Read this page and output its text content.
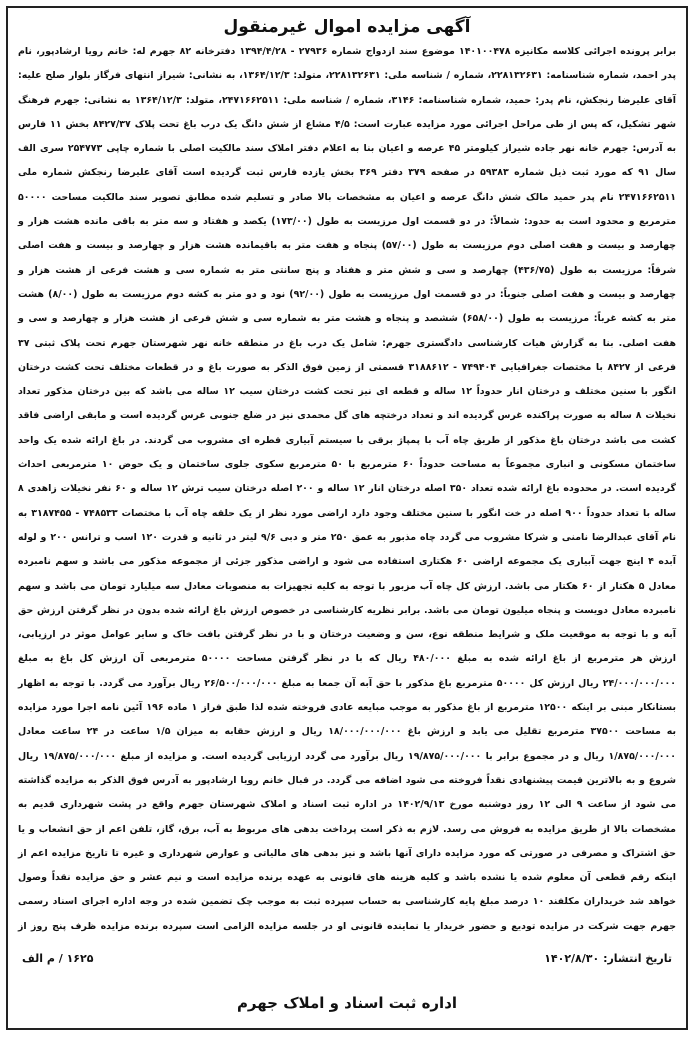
آگهی مزایده اموال غیرمنقول
برابر پرونده اجرائی کلاسه مکانیزه ۱۴۰۱۰۰۴۷۸ موضوع سند ازدواج شماره ۲۷۹۳۶ - ۱۳۹۴/۴/۲۸ دفترخانه ۸۲ جهرم له: خانم رویا ارشادپور، نام پدر احمد، شماره شناسنامه: ۲۲۸۱۳۲۶۳۱، شماره / شناسه ملی: ۲۲۸۱۳۲۶۳۱، متولد: ۱۳۶۴/۱۲/۳، به نشانی: شیراز انتهای فرگاز بلوار صلح علیه: آقای علیرضا رنجکش، نام پدر: حمید، شماره شناسنامه: ۳۱۴۶، شماره / شناسه ملی: ۲۴۷۱۶۶۲۵۱۱، متولد: ۱۳۶۴/۱۲/۳ به نشانی: جهرم فرهنگ شهر تشکیل، که پس از طی مراحل اجرائی مورد مزایده عبارت است: ۴/۵ مشاع از شش دانگ یک درب باغ تحت پلاک ۸۴۲۷/۳۷ بخش ۱۱ فارس به آدرس: جهرم خانه نهر جاده شیراز کیلومتر ۴۵ عرصه و اعیان بنا به اعلام دفتر املاک سند مالکیت اصلی با شماره چاپی ۲۵۴۷۷۳ سری الف سال ۹۱ که مورد ثبت ذیل شماره ۵۹۳۸۳ در صفحه ۳۷۹ دفتر ۳۶۹ بخش یازده فارس ثبت گردیده است آقای علیرضا رنجکش شماره ملی ۲۴۷۱۶۶۲۵۱۱ نام پدر حمید مالک شش دانگ عرصه و اعیان به مشخصات بالا صادر و تسلیم شده مطابق تصویر سند مالکیت مساحت ۵۰۰۰۰ مترمربع و محدود است به حدود: شمالاً: در دو قسمت اول مرزیست به طول (۱۷۳/۰۰) یکصد و هفتاد و سه متر به باقی مانده هشت هزار و چهارصد و بیست و هفت اصلی دوم مرزیست به طول (۵۷/۰۰) پنجاه و هفت متر به باقیمانده هشت هزار و چهارصد و بیست و هفت اصلی شرقاً: مرزیست به طول (۴۳۶/۷۵) چهارصد و سی و شش متر و هفتاد و پنج سانتی متر به شماره سی و هشت فرعی از هشت هزار و چهارصد و بیست و هفت اصلی جنوباً: در دو قسمت اول مرزیست به طول (۹۲/۰۰) نود و دو متر به کشه دوم مرزیست به طول (۸/۰۰) هشت متر به کشه غرباً: مرزیست به طول (۶۵۸/۰۰) ششصد و پنجاه و هشت متر به شماره سی و شش فرعی از هشت هزار و چهارصد و سی و هفت اصلی. بنا به گزارش هیات کارشناسی دادگستری جهرم: شامل یک درب باغ در منطقه خانه نهر شهرستان جهرم تحت پلاک ثبتی ۳۷ فرعی از ۸۴۲۷ با مختصات جغرافیایی ۷۴۹۴۰۴ - ۳۱۸۸۶۱۲ قسمتی از زمین فوق الذکر به صورت باغ و در قطعات مختلف تحت کشت درختان انگور با سنین مختلف و درختان انار حدوداً ۱۲ ساله و قطعه ای نیز تحت کشت درختان سیب ۱۲ ساله می باشد که بین درختان مذکور تعداد نخیلات ۸ ساله به صورت پراکنده غرس گردیده اند و تعداد درختچه های گل محمدی نیز در ضلع جنوبی غرس گردیده است و مابقی اراضی فاقد کشت می باشد درختان باغ مذکور از طریق چاه آب با پمپاژ برقی با سیستم آبیاری قطره ای مشروب می گردند. در باغ ارائه شده یک واحد ساختمان مسکونی و انباری مجموعاً به مساحت حدوداً ۶۰ مترمربع با ۵۰ مترمربع سکوی جلوی ساختمان و یک حوض ۱۰ مترمربعی احداث گردیده است. در محدوده باغ ارائه شده تعداد ۳۵۰ اصله درختان انار ۱۲ ساله و ۲۰۰ اصله درختان سیب ترش ۱۲ ساله و ۶۰ نفر نخیلات زاهدی ۸ ساله با تعداد حدوداً ۹۰۰ اصله در خت انگور با سنین مختلف وجود دارد اراضی مورد نظر از یک حلقه چاه آب با مختصات ۷۴۸۵۳۳ - ۳۱۸۷۴۵۵ به نام آقای عبدالرضا نامنی و شرکا مشروب می گردد چاه مذبور به عمق ۲۵۰ متر و دبی ۹/۶ لیتر در ثانیه و قدرت ۱۲۰ اسب و ترانس ۲۰۰ و لوله آبده ۴ اینچ جهت آبیاری یک مجموعه اراضی ۶۰ هکتاری استفاده می شود و اراضی مذکور جزئی از مجموعه مذکور می باشد و سهم نامبرده معادل ۵ هکتار از ۶۰ هکتار می باشد. ارزش کل چاه آب مزبور با توجه به کلیه تجهیزات به منصوبات معادل سه میلیارد تومان می باشد و سهم نامبرده معادل دویست و پنجاه میلیون تومان می باشد. برابر نظریه کارشناسی در خصوص ارزش باغ ارائه شده بدون در نظر گرفتن ارزش حق آبه و با توجه به موقعیت ملک و شرایط منطقه نوع، سن و وضعیت درختان و با در نظر گرفتن بافت خاک و سایر عوامل موثر در ارزیابی، ارزش هر مترمربع از باغ ارائه شده به مبلغ ۴۸۰/۰۰۰ ریال که با در نظر گرفتن مساحت ۵۰۰۰۰ مترمربعی آن ارزش کل باغ به مبلغ ۲۴/۰۰۰/۰۰۰/۰۰۰ ریال ارزش کل ۵۰۰۰۰ مترمربع باغ مذکور با حق آبه آن جمعا به مبلغ ۲۶/۵۰۰/۰۰۰/۰۰۰ ریال برآورد می گردد. با توجه به اظهار بستانکار مبنی بر اینکه ۱۲۵۰۰ مترمربع از باغ مذکور به موجب مبایعه عادی فروخته شده لذا طبق فراز ۱ ماده ۱۹۶ آئین نامه اجرا مورد مزایده به مساحت ۳۷۵۰۰ مترمربع تقلیل می یابد و ارزش باغ ۱۸/۰۰۰/۰۰۰/۰۰۰ ریال و ارزش حقابه به میزان ۱/۵ ساعت در ۲۴ ساعت معادل ۱/۸۷۵/۰۰۰/۰۰۰ ریال و در مجموع برابر با ۱۹/۸۷۵/۰۰۰/۰۰۰ ریال برآورد می گردد ارزیابی گردیده است. و مزایده از مبلغ ۱۹/۸۷۵/۰۰۰/۰۰۰ ریال شروع و به بالاترین قیمت پیشنهادی نقداً فروخته می شود اضافه می گردد. در قبال خانم رویا ارشادپور به آدرس فوق الذکر به مزایده گذاشته می شود از ساعت ۹ الی ۱۲ روز دوشنبه مورخ ۱۴۰۲/۹/۱۳ در اداره ثبت اسناد و املاک شهرستان جهرم واقع در پشت شهرداری قدیم به مشخصات بالا از طریق مزایده به فروش می رسد. لازم به ذکر است پرداخت بدهی های مربوط به آب، برق، گاز، تلفن اعم از حق انشعاب و یا حق اشتراک و مصرفی در صورتی که مورد مزایده دارای آنها باشد و نیز بدهی های مالیاتی و عوارض شهرداری و غیره تا تاریخ مزایده اعم از اینکه رقم قطعی آن معلوم شده یا نشده باشد و کلیه هزینه های قانونی به عهده برنده مزایده است و نیم عشر و حق مزایده نقداً وصول خواهد شد خریداران مکلفند ۱۰ درصد مبلغ پایه کارشناسی به حساب سپرده ثبت به موجب چک تضمین شده در وجه اداره اجرای اسناد رسمی جهرم جهت شرکت در مزایده تودیع و حضور خریدار یا نماینده قانونی او در جلسه مزایده الزامی است سپرده برنده مزایده ظرف پنج روز از
تاریخ انتشار: ۱۴۰۲/۸/۳۰
۱۶۲۵ / م الف
اداره ثبت اسناد و املاک جهرم
